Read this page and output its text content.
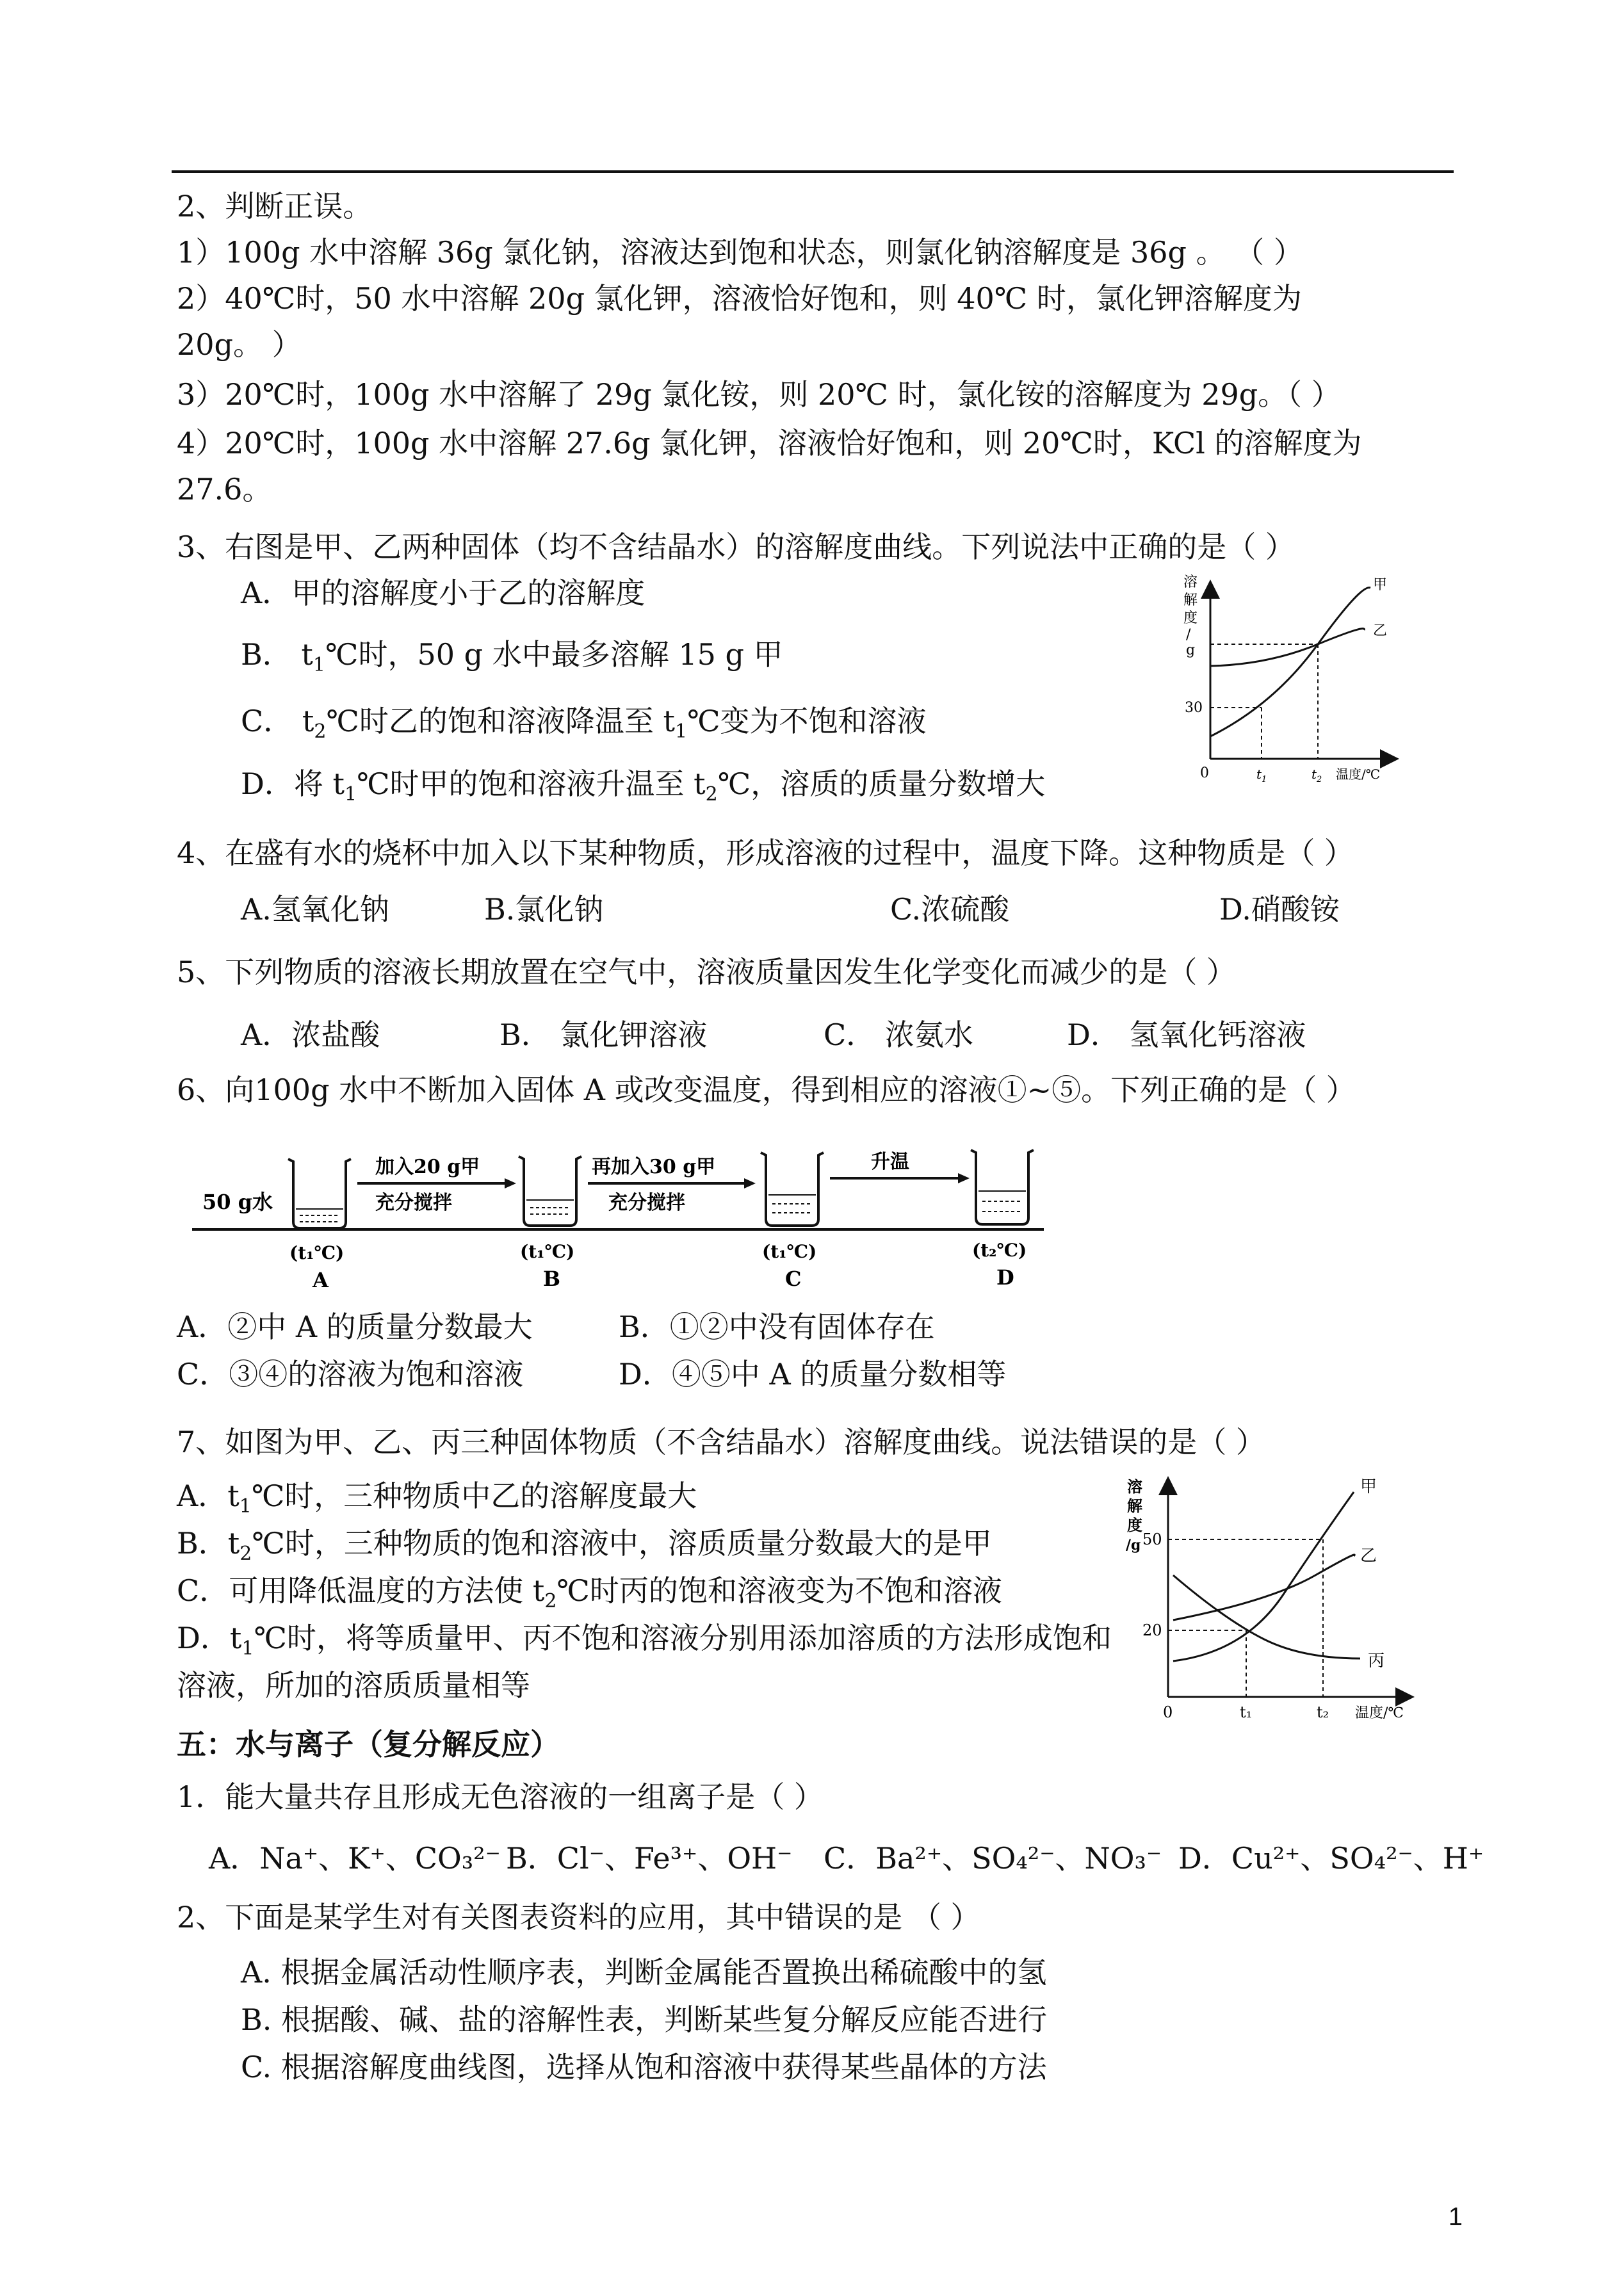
2、判断正误。
1）100g 水中溶解 36g 氯化钠，溶液达到饱和状态，则氯化钠溶解度是 36g 。 （ ）
2）40℃时，50 水中溶解 20g 氯化钾，溶液恰好饱和，则 40℃ 时，氯化钾溶解度为
20g。 ）
3）20℃时，100g 水中溶解了 29g 氯化铵，则 20℃ 时，氯化铵的溶解度为 29g。（ ）
4）20℃时，100g 水中溶解 27.6g 氯化钾，溶液恰好饱和，则 20℃时，KCl 的溶解度为
27.6。
3、右图是甲、乙两种固体（均不含结晶水）的溶解度曲线。下列说法中正确的是（ ）
A．甲的溶解度小于乙的溶解度
B． $t_1℃$时，50 g 水中最多溶解 15 g 甲
C． $t_2℃$时乙的饱和溶液降温至 $t_1℃$变为不饱和溶液
D．将 $t_1℃$时甲的饱和溶液升温至 $t_2℃$，溶质的质量分数增大
溶
解
度
/
g
0
30
甲
乙
$t_1$	$t_2$ 温度/℃
4、在盛有水的烧杯中加入以下某种物质，形成溶液的过程中，温度下降。这种物质是（ ）
A.氢氧化钠	B.氯化钠	C.浓硫酸	D.硝酸铵
5、下列物质的溶液长期放置在空气中，溶液质量因发生化学变化而减少的是（ ）
A．浓盐酸	B． 氯化钾溶液	C． 浓氨水	D． 氢氧化钙溶液
6、向100g 水中不断加入固体 A 或改变温度，得到相应的溶液①~⑤。下列正确的是（ ）
50 g水
加入20 g甲
充分搅拌
再加入30 g甲
充分搅拌
升温
(t₁℃)	(t₁℃)	(t₁℃)	(t₂℃)
A	B	C	D
A．②中 A 的质量分数最大	B．①②中没有固体存在
C．③④的溶液为饱和溶液	D．④⑤中 A 的质量分数相等
7、如图为甲、乙、丙三种固体物质（不含结晶水）溶解度曲线。说法错误的是（ ）
A．$t_1℃$时，三种物质中乙的溶解度最大
B．$t_2℃$时，三种物质的饱和溶液中，溶质质量分数最大的是甲
C．可用降低温度的方法使 $t_2℃$时丙的饱和溶液变为不饱和溶液
D．$t_1℃$时，将等质量甲、丙不饱和溶液分别用添加溶质的方法形成饱和
溶液，所加的溶质质量相等
溶
解
度
/g 50
20
0
甲
乙
丙
t₁	t₂ 温度/℃
五：水与离子（复分解反应）
1．能大量共存且形成无色溶液的一组离子是（ ）
A．Na⁺、K⁺、CO₃²⁻ B．Cl⁻、Fe³⁺、OH⁻ C．Ba²⁺、SO₄²⁻、NO₃⁻ D．Cu²⁺、SO₄²⁻、H⁺
2、下面是某学生对有关图表资料的应用，其中错误的是 （ ）
A. 根据金属活动性顺序表，判断金属能否置换出稀硫酸中的氢
B. 根据酸、碱、盐的溶解性表，判断某些复分解反应能否进行
C. 根据溶解度曲线图，选择从饱和溶液中获得某些晶体的方法
1
